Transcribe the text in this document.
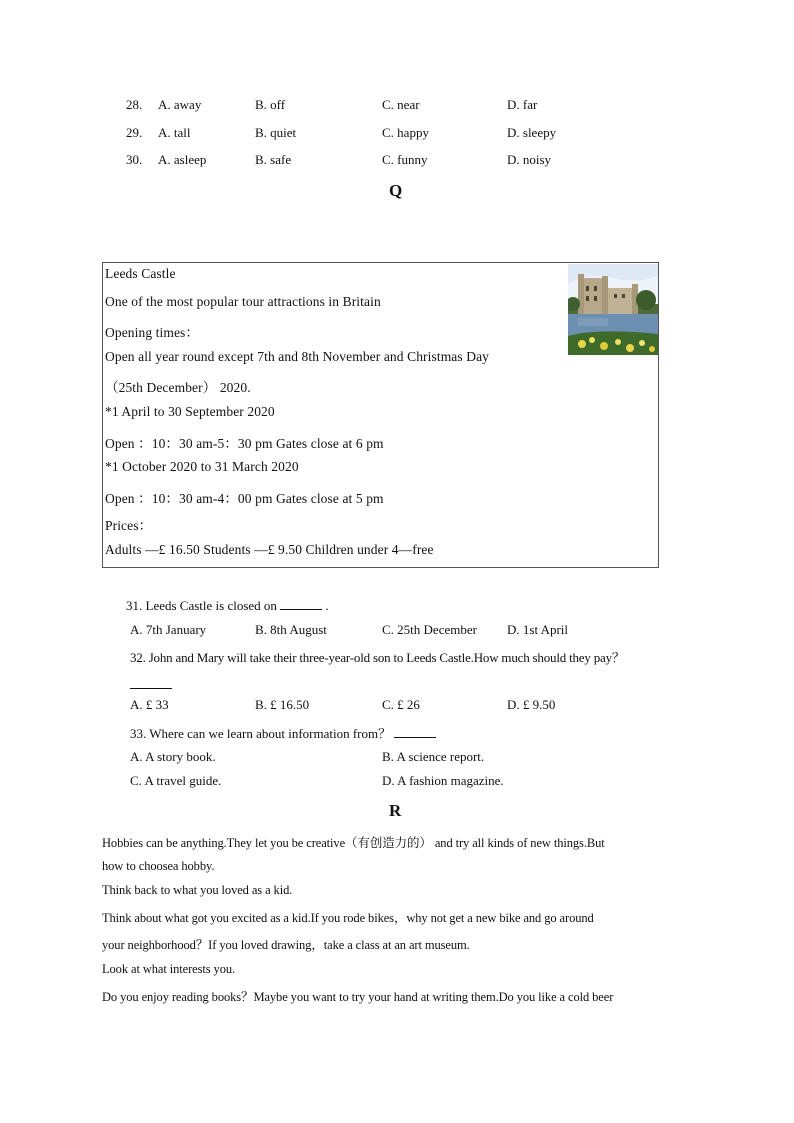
28. A. away	B. off	C. near	D. far
29. A. tall	B. quiet	C. happy	D. sleepy
30. A. asleep	B. safe	C. funny	D. noisy
Q
Leeds Castle
One of the most popular tour attractions in Britain
Opening times：
Open all year round except 7th and 8th November and Christmas Day
（25th December） 2020.
*1 April to 30 September 2020
Open ：10：30 am-5：30 pm Gates close at 6 pm
*1 October 2020 to 31 March 2020
Open ：10：30 am-4：00 pm Gates close at 5 pm
Prices：
Adults —£ 16.50 Students —£ 9.50 Children under 4—free
31. Leeds Castle is closed on	.
A. 7th January	B. 8th August	C. 25th December D. 1st April
32. John and Mary will take their three-year-old son to Leeds Castle.How much should they pay？
A. £ 33	B. £ 16.50	C. £ 26	D. £ 9.50
33. Where can we learn about information from？
A. A story book.	B. A science report.
C. A travel guide.	D. A fashion magazine.
R
Hobbies can be anything.They let you be creative（有创造力的） and try all kinds of new things.But
how to choosea hobby.
Think back to what you loved as a kid.
Think about what got you excited as a kid.If you rode bikes，why not get a new bike and go around
your neighborhood？If you loved drawing，take a class at an art museum.
Look at what interests you.
Do you enjoy reading books？Maybe you want to try your hand at writing them.Do you like a cold beer
